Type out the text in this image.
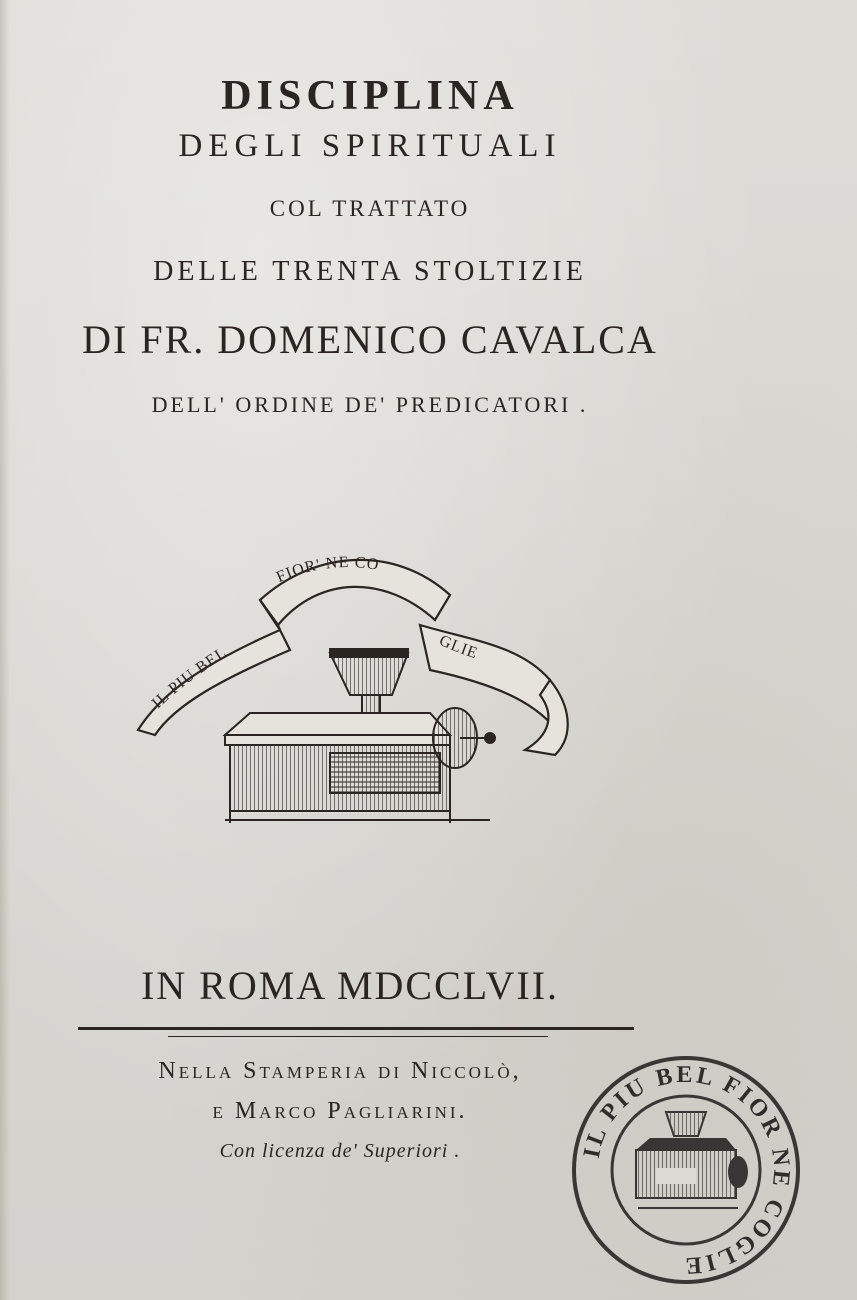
DISCIPLINA
DEGLI SPIRITUALI
COL TRATTATO
DELLE TRENTA STOLTIZIE
DI FR. DOMENICO CAVALCA
DELL' ORDINE DE' PREDICATORI .
IL PIU BEL
FIOR' NE CO
GLIE
IN ROMA MDCCLVII.
Nella Stamperia di Niccolò,
e Marco Pagliarini.
Con licenza de' Superiori .	IL PIU BEL FIOR NE COGLIE
